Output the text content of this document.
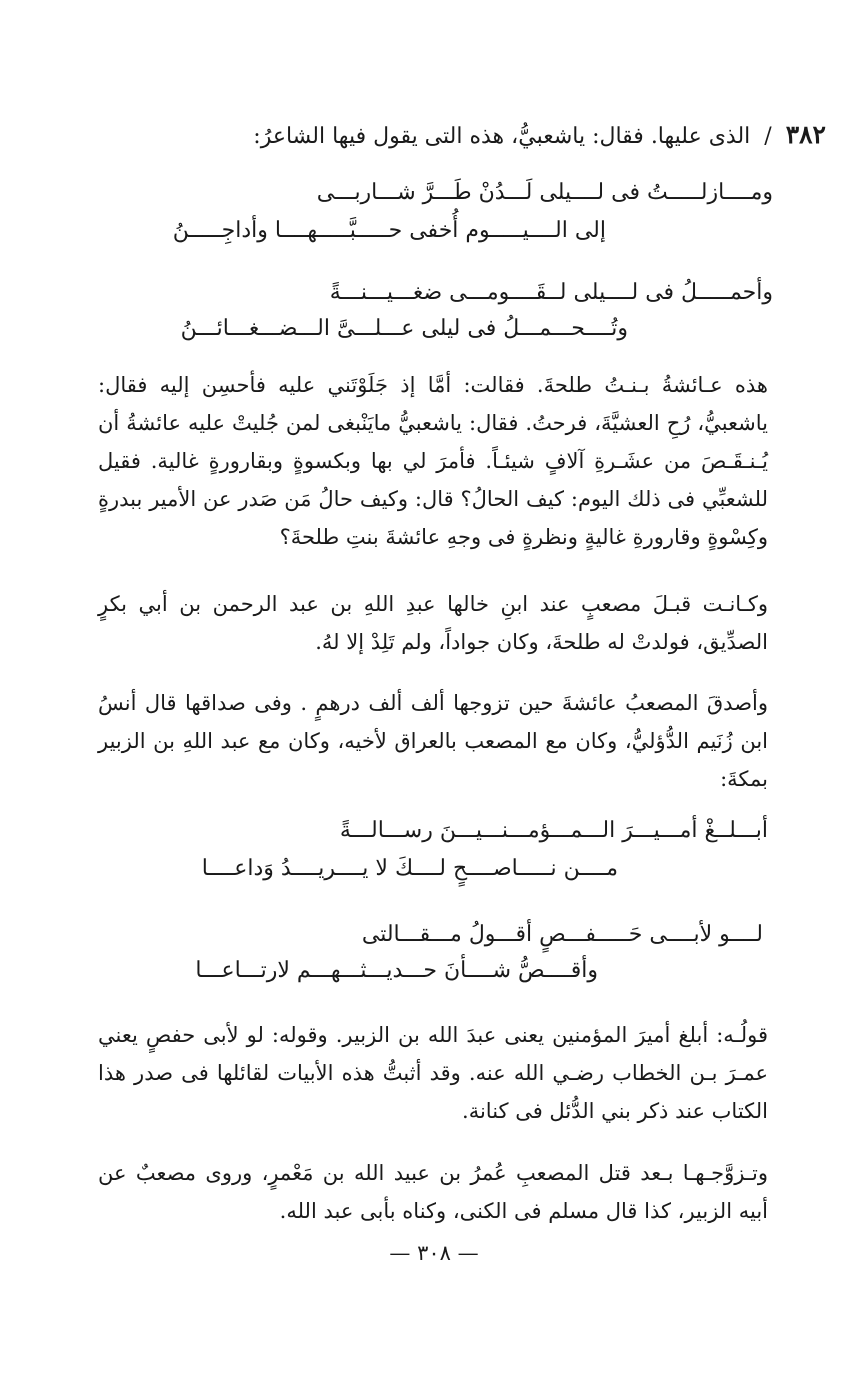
٣٨٢/الذى عليها. فقال: ياشعبيُّ، هذه التى يقول فيها الشاعرُ:
ومــــازلـــــتُ فى لــــيلى لَـــدُنْ طَـــرَّ شـــاربـــى
إلى الــــيـــــوم أُخفى حـــــبَّـــــهــــا وأداجِـــــنُ
وأحمـــــلُ فى لــــيلى لــقَــــومـــى ضغـــيـــنـــةً
وتُــــحـــمـــلُ فى ليلى عـــلـــىَّ الـــضـــغـــائـــنُ
هذه عـائشةُ بـنـتُ طلحةَ. فقالت: أمَّا إذ جَلَوْتَني عليه فأحسِن إليه فقال: ياشعبيُّ، رُحِ العشيَّةَ، فرحتُ. فقال: ياشعبيُّ مايَنْبغى لمن جُليتْ عليه عائشةُ أن يُـنـقَـصَ من عشَـرةِ آلافٍ شيئـاً. فأمرَ لي بها وبكسوةٍ وبقارورةٍ غالية. فقيل للشعبِّي فى ذلك اليوم: كيف الحالُ؟ قال: وكيف حالُ مَن صَدر عن الأمير ببدرةٍ وكِسْوةٍ وقارورةِ غاليةٍ ونظرةٍ فى وجهِ عائشةَ بنتِ طلحةَ؟
وكـانـت قبـلَ مصعبٍ عند ابنِ خالها عبدِ اللهِ بن عبد الرحمن بن أبي بكرٍ الصدِّيق، فولدتْ له طلحةَ، وكان جواداً، ولم تَلِدْ إلا لهُ.
وأصدقَ المصعبُ عائشةَ حين تزوجها ألف ألف درهمٍ . وفى صداقها قال أنسُ ابن زُنَيم الدُّؤليُّ، وكان مع المصعب بالعراق لأخيه، وكان مع عبد اللهِ بن الزبير بمكةَ:
أبـــلــغْ أمـــيـــرَ الـــمـــؤمـــنـــيـــنَ رســـالـــةً
مــــن نـــــاصــــحٍ لــــكَ لا يــــريــــدُ وَداعــــا
لــــو لأبــــى حَـــــفـــصٍ أقـــولُ مـــقـــالتى
وأقــــصُّ شــــأنَ حـــديـــثـــهـــم لارتـــاعـــا
قولُـه: أبلغ أميرَ المؤمنين يعنى عبدَ الله بن الزبير. وقوله: لو لأبى حفصٍ يعني عمـرَ بـن الخطاب رضـي الله عنه. وقد أثبتُّ هذه الأبيات لقائلها فى صدر هذا الكتاب عند ذكر بني الدُّئل فى كنانة.
وتـزوَّجـهـا بـعد قتل المصعبِ عُمرُ بن عبيد الله بن مَعْمرٍ، وروى مصعبٌ عن أبيه الزبير، كذا قال مسلم فى الكنى، وكناه بأبى عبد الله.
— ٣٠٨ —
